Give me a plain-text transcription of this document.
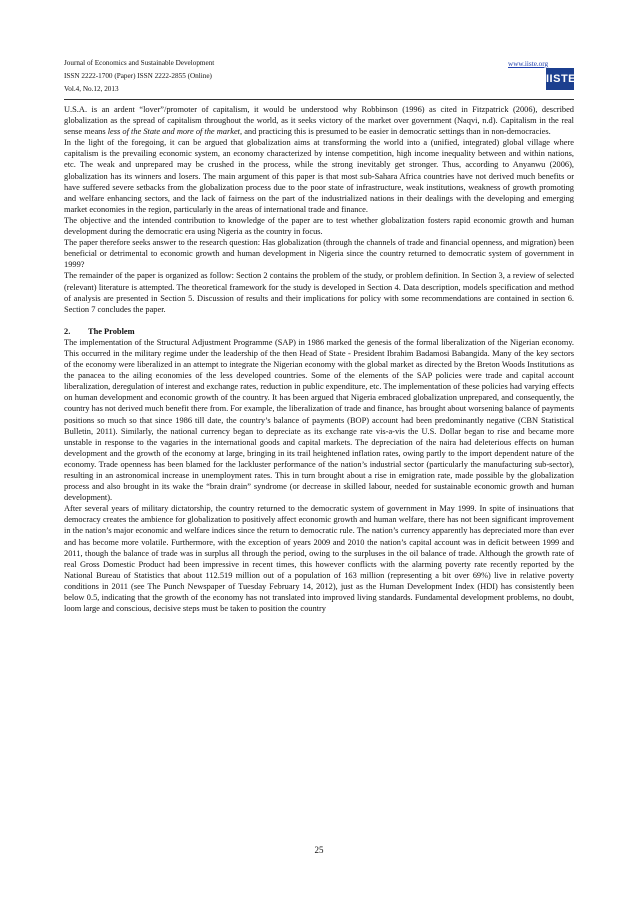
Journal of Economics and Sustainable Development
ISSN 2222-1700 (Paper) ISSN 2222-2855 (Online)
Vol.4, No.12, 2013
www.iiste.org
IISTE

U.S.A. is an ardent “lover”/promoter of capitalism, it would be understood why Robbinson (1996) as cited in Fitzpatrick (2006), described globalization as the spread of capitalism throughout the world, as it seeks victory of the market over government (Naqvi, n.d). Capitalism in the real sense means less of the State and more of the market, and practicing this is presumed to be easier in democratic settings than in non-democracies.

In the light of the foregoing, it can be argued that globalization aims at transforming the world into a (unified, integrated) global village where capitalism is the prevailing economic system, an economy characterized by intense competition, high income inequality between and within nations, etc. The weak and unprepared may be crushed in the process, while the strong inevitably get stronger. Thus, according to Anyanwu (2006), globalization has its winners and losers. The main argument of this paper is that most sub-Sahara Africa countries have not derived much benefits or have suffered severe setbacks from the globalization process due to the poor state of infrastructure, weak institutions, weakness of growth promoting and welfare enhancing sectors, and the lack of fairness on the part of the industrialized nations in their dealings with the developing and emerging market economies in the region, particularly in the areas of international trade and finance.

The objective and the intended contribution to knowledge of the paper are to test whether globalization fosters rapid economic growth and human development during the democratic era using Nigeria as the country in focus.

The paper therefore seeks answer to the research question: Has globalization (through the channels of trade and financial openness, and migration) been beneficial or detrimental to economic growth and human development in Nigeria since the country returned to democratic system of government in 1999?

The remainder of the paper is organized as follow: Section 2 contains the problem of the study, or problem definition. In Section 3, a review of selected (relevant) literature is attempted. The theoretical framework for the study is developed in Section 4. Data description, models specification and method of analysis are presented in Section 5. Discussion of results and their implications for policy with some recommendations are contained in section 6. Section 7 concludes the paper.

2. The Problem

The implementation of the Structural Adjustment Programme (SAP) in 1986 marked the genesis of the formal liberalization of the Nigerian economy. This occurred in the military regime under the leadership of the then Head of State - President Ibrahim Badamosi Babangida. Many of the key sectors of the economy were liberalized in an attempt to integrate the Nigerian economy with the global market as directed by the Breton Woods Institutions as the panacea to the ailing economies of the less developed countries. Some of the elements of the SAP policies were trade and capital account liberalization, deregulation of interest and exchange rates, reduction in public expenditure, etc. The implementation of these policies had varying effects on human development and economic growth of the country. It has been argued that Nigeria embraced globalization unprepared, and consequently, the country has not derived much benefit there from. For example, the liberalization of trade and finance, has brought about worsening balance of payments positions so much so that since 1986 till date, the country’s balance of payments (BOP) account had been predominantly negative (CBN Statistical Bulletin, 2011). Similarly, the national currency began to depreciate as its exchange rate vis-a-vis the U.S. Dollar began to rise and became more unstable in response to the vagaries in the international goods and capital markets. The depreciation of the naira had deleterious effects on human development and the growth of the economy at large, bringing in its trail heightened inflation rates, owing partly to the import dependent nature of the economy. Trade openness has been blamed for the lackluster performance of the nation’s industrial sector (particularly the manufacturing sub-sector), resulting in an astronomical increase in unemployment rates. This in turn brought about a rise in emigration rate, made possible by the globalization process and also brought in its wake the “brain drain” syndrome (or decrease in skilled labour, needed for sustainable economic growth and human development).

After several years of military dictatorship, the country returned to the democratic system of government in May 1999. In spite of insinuations that democracy creates the ambience for globalization to positively affect economic growth and human welfare, there has not been significant improvement in the nation’s major economic and welfare indices since the return to democratic rule. The nation’s currency apparently has depreciated more than ever and has become more volatile. Furthermore, with the exception of years 2009 and 2010 the nation’s capital account was in deficit between 1999 and 2011, though the balance of trade was in surplus all through the period, owing to the surpluses in the oil balance of trade. Although the growth rate of real Gross Domestic Product had been impressive in recent times, this however conflicts with the alarming poverty rate recently reported by the National Bureau of Statistics that about 112.519 million out of a population of 163 million (representing a bit over 69%) live in relative poverty conditions in 2011 (see The Punch Newspaper of Tuesday February 14, 2012), just as the Human Development Index (HDI) has consistently been below 0.5, indicating that the growth of the economy has not translated into improved living standards. Fundamental development problems, no doubt, loom large and conscious, decisive steps must be taken to position the country

25
